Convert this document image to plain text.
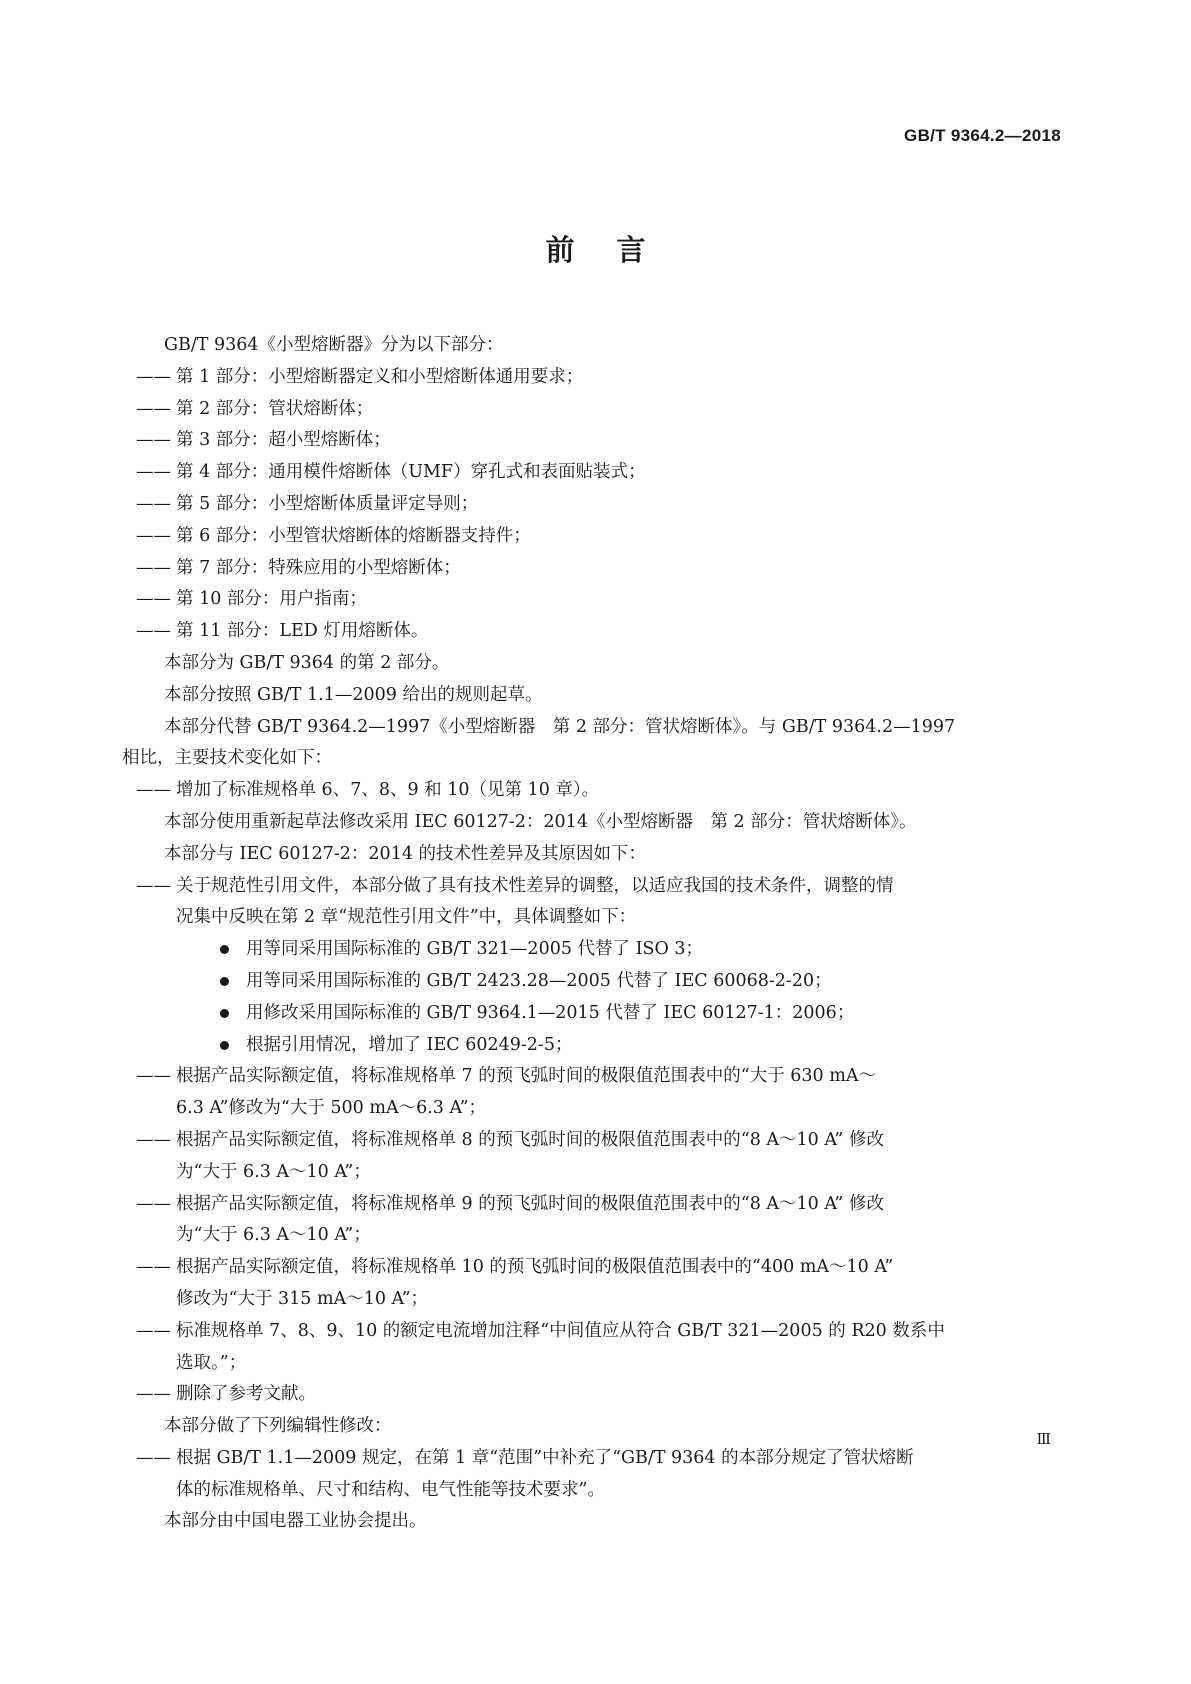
GB/T 9364.2—2018
前言
GB/T 9364《小型熔断器》分为以下部分：
—— 第 1 部分：小型熔断器定义和小型熔断体通用要求；
—— 第 2 部分：管状熔断体；
—— 第 3 部分：超小型熔断体；
—— 第 4 部分：通用模件熔断体（UMF）穿孔式和表面贴装式；
—— 第 5 部分：小型熔断体质量评定导则；
—— 第 6 部分：小型管状熔断体的熔断器支持件；
—— 第 7 部分：特殊应用的小型熔断体；
—— 第 10 部分：用户指南；
—— 第 11 部分：LED 灯用熔断体。
本部分为 GB/T 9364 的第 2 部分。
本部分按照 GB/T 1.1—2009 给出的规则起草。
本部分代替 GB/T 9364.2—1997《小型熔断器　第 2 部分：管状熔断体》。与 GB/T 9364.2—1997
相比，主要技术变化如下：
—— 增加了标准规格单 6、7、8、9 和 10（见第 10 章）。
本部分使用重新起草法修改采用 IEC 60127-2：2014《小型熔断器　第 2 部分：管状熔断体》。
本部分与 IEC 60127-2：2014 的技术性差异及其原因如下：
—— 关于规范性引用文件，本部分做了具有技术性差异的调整，以适应我国的技术条件，调整的情
况集中反映在第 2 章“规范性引用文件”中，具体调整如下：
用等同采用国际标准的 GB/T 321—2005 代替了 ISO 3；
用等同采用国际标准的 GB/T 2423.28—2005 代替了 IEC 60068-2-20；
用修改采用国际标准的 GB/T 9364.1—2015 代替了 IEC 60127-1：2006；
根据引用情况，增加了 IEC 60249-2-5；
—— 根据产品实际额定值，将标准规格单 7 的预飞弧时间的极限值范围表中的“大于 630 mA～
6.3 A”修改为“大于 500 mA～6.3 A”；
—— 根据产品实际额定值，将标准规格单 8 的预飞弧时间的极限值范围表中的“8 A～10 A” 修改
为“大于 6.3 A～10 A”；
—— 根据产品实际额定值，将标准规格单 9 的预飞弧时间的极限值范围表中的“8 A～10 A” 修改
为“大于 6.3 A～10 A”；
—— 根据产品实际额定值，将标准规格单 10 的预飞弧时间的极限值范围表中的“400 mA～10 A”
修改为“大于 315 mA～10 A”；
—— 标准规格单 7、8、9、10 的额定电流增加注释“中间值应从符合 GB/T 321—2005 的 R20 数系中
选取。”；
—— 删除了参考文献。
本部分做了下列编辑性修改：
—— 根据 GB/T 1.1—2009 规定，在第 1 章“范围”中补充了“GB/T 9364 的本部分规定了管状熔断
体的标准规格单、尺寸和结构、电气性能等技术要求”。
本部分由中国电器工业协会提出。
Ⅲ
